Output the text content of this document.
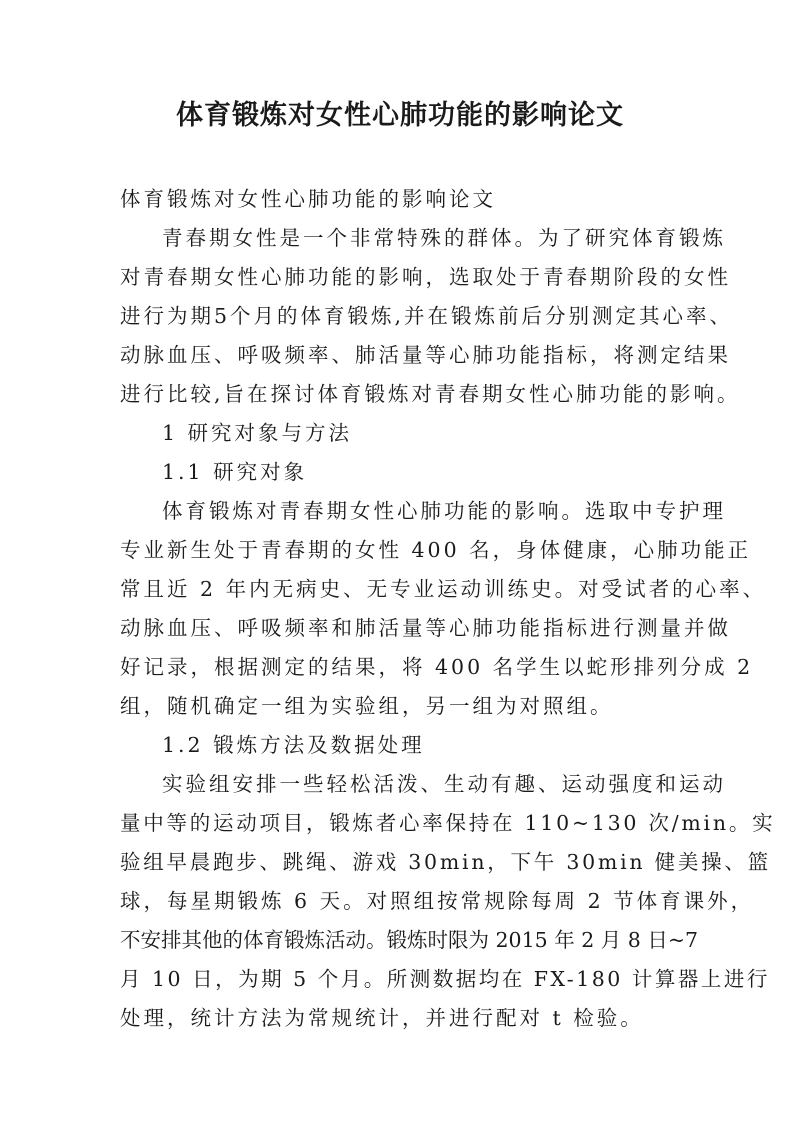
体育锻炼对女性心肺功能的影响论文
体育锻炼对女性心肺功能的影响论文
青春期女性是一个非常特殊的群体。为了研究体育锻炼
对青春期女性心肺功能的影响，选取处于青春期阶段的女性
进行为期5个月的体育锻炼,并在锻炼前后分别测定其心率、
动脉血压、呼吸频率、肺活量等心肺功能指标，将测定结果
进行比较,旨在探讨体育锻炼对青春期女性心肺功能的影响。
1 研究对象与方法
1.1 研究对象
体育锻炼对青春期女性心肺功能的影响。选取中专护理
专业新生处于青春期的女性 400 名，身体健康，心肺功能正
常且近 2 年内无病史、无专业运动训练史。对受试者的心率、
动脉血压、呼吸频率和肺活量等心肺功能指标进行测量并做
好记录，根据测定的结果，将 400 名学生以蛇形排列分成 2
组，随机确定一组为实验组，另一组为对照组。
1.2 锻炼方法及数据处理
实验组安排一些轻松活泼、生动有趣、运动强度和运动
量中等的运动项目，锻炼者心率保持在 110~130 次/min。实
验组早晨跑步、跳绳、游戏 30min，下午 30min 健美操、篮
球，每星期锻炼 6 天。对照组按常规除每周 2 节体育课外，
不安排其他的体育锻炼活动。锻炼时限为 2015 年 2 月 8 日~7
月 10 日，为期 5 个月。所测数据均在 FX-180 计算器上进行
处理，统计方法为常规统计，并进行配对 t 检验。
